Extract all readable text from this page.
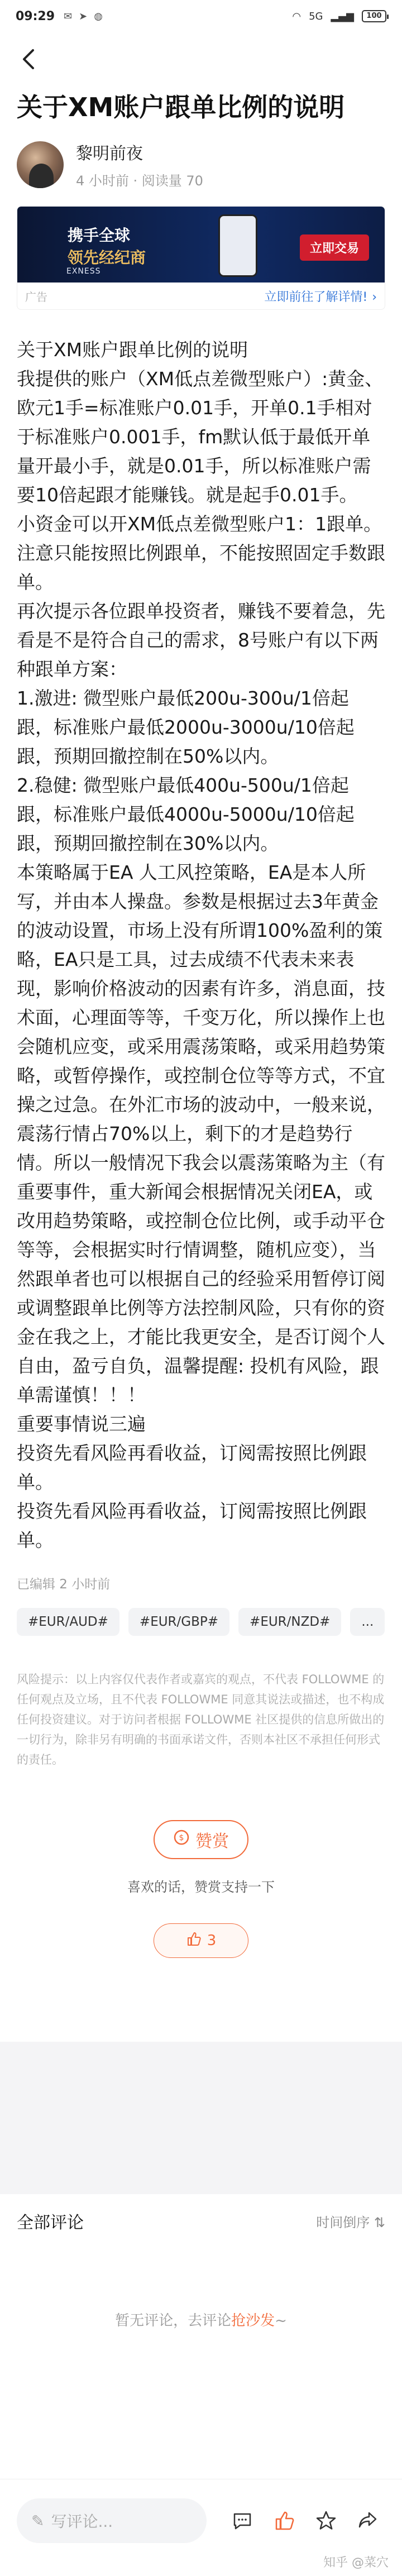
09:29 ✉ ➤ ◍	◠ 5G ▂▄▆	100
关于XM账户跟单比例的说明
黎明前夜
4 小时前 · 阅读量 70
携手全球
领先经纪商
EXNESS
立即交易
广告	立即前往了解详情! ›

关于XM账户跟单比例的说明

我提供的账户（XM低点差微型账户）:黄金、欧元1手=标准账户0.01手，开单0.1手相对于标准账户0.001手，fm默认低于最低开单量开最小手，就是0.01手，所以标准账户需要10倍起跟才能赚钱。就是起手0.01手。

小资金可以开XM低点差微型账户1：1跟单。注意只能按照比例跟单，不能按照固定手数跟单。

再次提示各位跟单投资者，赚钱不要着急，先看是不是符合自己的需求，8号账户有以下两种跟单方案：

1.激进: 微型账户最低200u-300u/1倍起跟，标准账户最低2000u-3000u/10倍起跟，预期回撤控制在50%以内。

2.稳健: 微型账户最低400u-500u/1倍起跟，标准账户最低4000u-5000u/10倍起跟，预期回撤控制在30%以内。

本策略属于EA 人工风控策略，EA是本人所写，并由本人操盘。参数是根据过去3年黄金的波动设置，市场上没有所谓100%盈利的策略，EA只是工具，过去成绩不代表未来表现，影响价格波动的因素有许多，消息面，技术面，心理面等等，千变万化，所以操作上也会随机应变，或采用震荡策略，或采用趋势策略，或暂停操作，或控制仓位等等方式，不宜操之过急。在外汇市场的波动中，一般来说，震荡行情占70%以上，剩下的才是趋势行情。所以一般情况下我会以震荡策略为主（有重要事件，重大新闻会根据情况关闭EA，或改用趋势策略，或控制仓位比例，或手动平仓等等，会根据实时行情调整，随机应变），当然跟单者也可以根据自己的经验采用暂停订阅或调整跟单比例等方法控制风险，只有你的资金在我之上，才能比我更安全，是否订阅个人自由，盈亏自负，温馨提醒: 投机有风险，跟单需谨慎！！！

重要事情说三遍

投资先看风险再看收益，订阅需按照比例跟单。

投资先看风险再看收益，订阅需按照比例跟单。

已编辑 2 小时前
#EUR/AUD#	#EUR/GBP#	#EUR/NZD#	...
风险提示：以上内容仅代表作者或嘉宾的观点，不代表 FOLLOWME 的任何观点及立场，且不代表 FOLLOWME 同意其说法或描述，也不构成任何投资建议。对于访问者根据 FOLLOWME 社区提供的信息所做出的一切行为，除非另有明确的书面承诺文件，否则本社区不承担任何形式的责任。
$ 赞赏
喜欢的话，赞赏支持一下
3
全部评论	时间倒序 ⇅
暂无评论，去评论抢沙发~
✎ 写评论...
知乎 @菜穴
